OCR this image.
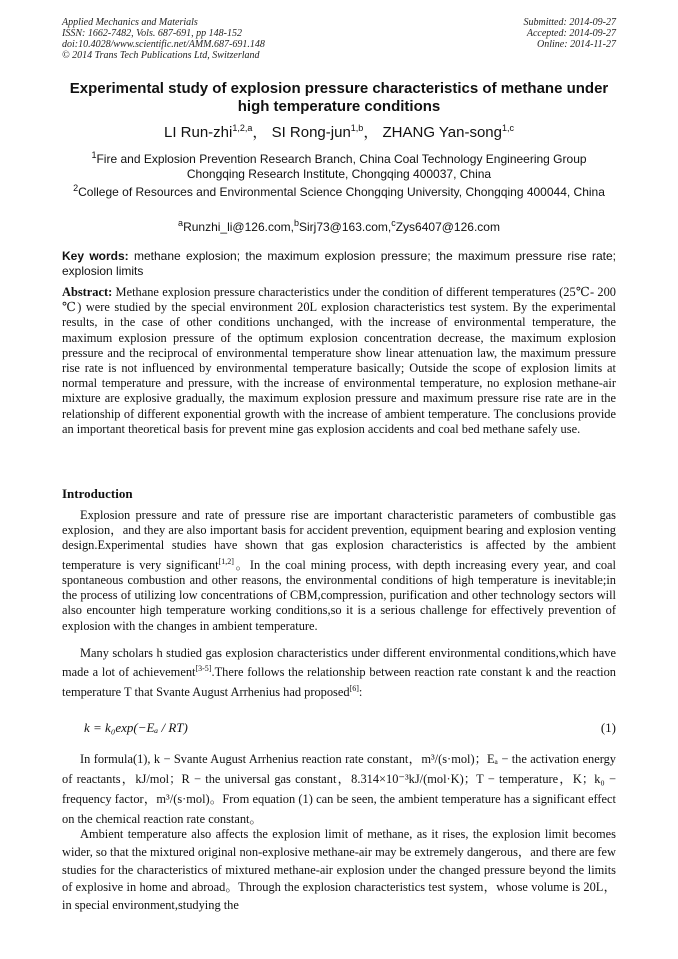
Applied Mechanics and Materials
ISSN: 1662-7482, Vols. 687-691, pp 148-152
doi:10.4028/www.scientific.net/AMM.687-691.148
© 2014 Trans Tech Publications Ltd, Switzerland
Submitted: 2014-09-27
Accepted: 2014-09-27
Online: 2014-11-27
Experimental study of explosion pressure characteristics of methane under high temperature conditions
LI Run-zhi$^{1,2,a}$， SI Rong-jun$^{1,b}$， ZHANG Yan-song$^{1,c}$
$^1$Fire and Explosion Prevention Research Branch, China Coal Technology Engineering Group Chongqing Research Institute, Chongqing 400037, China
$^2$College of Resources and Environmental Science Chongqing University, Chongqing 400044, China
$^a$Runzhi_li@126.com,$^b$Sirj73@163.com,$^c$Zys6407@126.com
Key words: methane explosion; the maximum explosion pressure; the maximum pressure rise rate; explosion limits
Abstract: Methane explosion pressure characteristics under the condition of different temperatures (25℃- 200 ℃) were studied by the special environment 20L explosion characteristics test system. By the experimental results, in the case of other conditions unchanged, with the increase of environmental temperature, the maximum explosion pressure of the optimum explosion concentration decrease, the maximum explosion pressure and the reciprocal of environmental temperature show linear attenuation law, the maximum pressure rise rate is not influenced by environmental temperature basically; Outside the scope of explosion limits at normal temperature and pressure, with the increase of environmental temperature, no explosion methane-air mixture are explosive gradually, the maximum explosion pressure and maximum pressure rise rate are in the relationship of different exponential growth with the increase of ambient temperature. The conclusions provide an important theoretical basis for prevent mine gas explosion accidents and coal bed methane safely use.
Introduction
Explosion pressure and rate of pressure rise are important characteristic parameters of combustible gas explosion，and they are also important basis for accident prevention, equipment bearing and explosion venting design.Experimental studies have shown that gas explosion characteristics is affected by the ambient temperature is very significant[1,2]。In the coal mining process, with depth increasing every year, and coal spontaneous combustion and other reasons, the environmental conditions of high temperature is inevitable;in the process of utilizing low concentrations of CBM,compression, purification and other technology sectors will also encounter high temperature working conditions,so it is a serious challenge for effectively prevention of explosion with the changes in ambient temperature.
Many scholars h studied gas explosion characteristics under different environmental conditions,which have made a lot of achievement[3-5].There follows the relationship between reaction rate constant k and the reaction temperature T that Svante August Arrhenius had proposed[6]:
k = k₀exp(−Eₐ / RT)	(1)
In formula(1), k − Svante August Arrhenius reaction rate constant，m³/(s·mol)；Eₐ − the activation energy of reactants，kJ/mol；R − the universal gas constant，8.314×10⁻³kJ/(mol·K)；T − temperature，K；k₀ − frequency factor，m³/(s·mol)。From equation (1) can be seen, the ambient temperature has a significant effect on the chemical reaction rate constant。
Ambient temperature also affects the explosion limit of methane, as it rises, the explosion limit becomes wider, so that the mixtured original non-explosive methane-air may be extremely dangerous，and there are few studies for the characteristics of mixtured methane-air explosion under the changed pressure beyond the limits of explosive in home and abroad。Through the explosion characteristics test system，whose volume is 20L，in special environment,studying the
